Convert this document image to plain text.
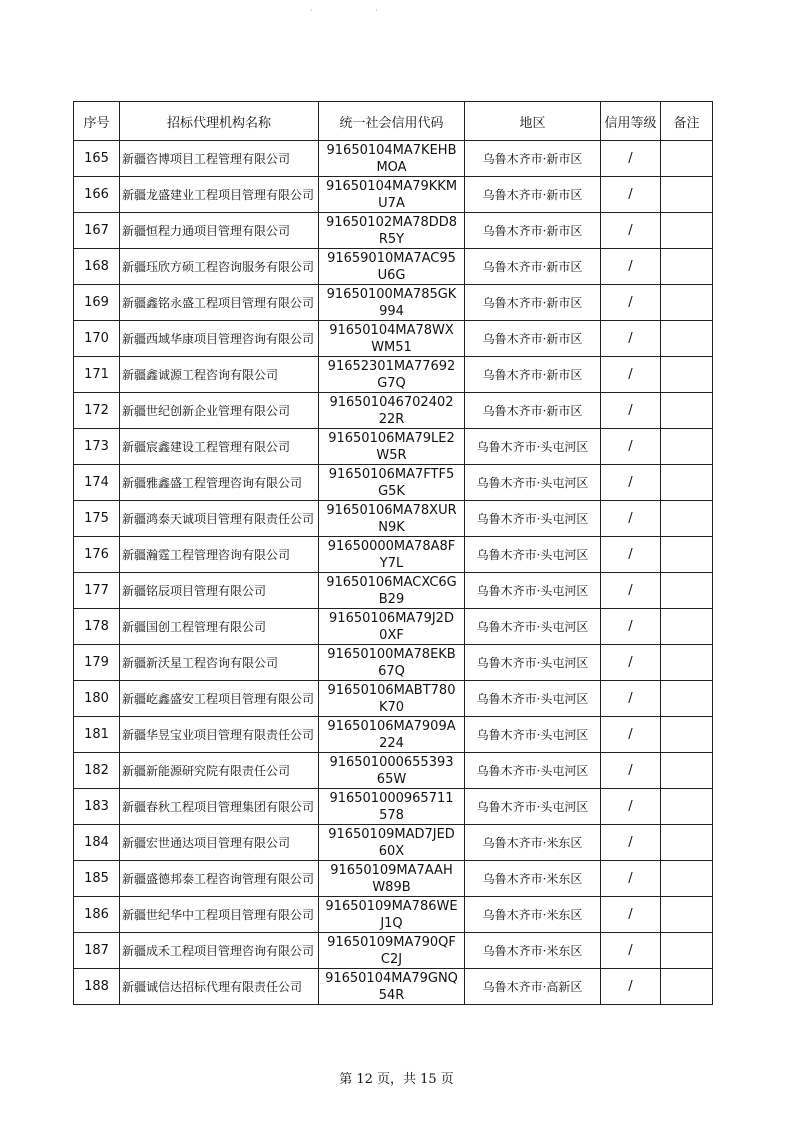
· ·
序号	招标代理机构名称	统一社会信用代码	地区	信用等级	备注
165	新疆咨博项目工程管理有限公司	91650104MA7KEHBMOA	乌鲁木齐市·新市区	/	
166	新疆龙盛建业工程项目管理有限公司	91650104MA79KKMU7A	乌鲁木齐市·新市区	/	
167	新疆恒程力通项目管理有限公司	91650102MA78DD8R5Y	乌鲁木齐市·新市区	/	
168	新疆珏欣方硕工程咨询服务有限公司	91659010MA7AC95U6G	乌鲁木齐市·新市区	/	
169	新疆鑫铭永盛工程项目管理有限公司	91650100MA785GK994	乌鲁木齐市·新市区	/	
170	新疆西域华康项目管理咨询有限公司	91650104MA78WXWM51	乌鲁木齐市·新市区	/	
171	新疆鑫诚源工程咨询有限公司	91652301MA77692G7Q	乌鲁木齐市·新市区	/	
172	新疆世纪创新企业管理有限公司	916501046702402 22R	乌鲁木齐市·新市区	/	
173	新疆宸鑫建设工程管理有限公司	91650106MA79LE2W5R	乌鲁木齐市·头屯河区	/	
174	新疆雅鑫盛工程管理咨询有限公司	91650106MA7FTF5G5K	乌鲁木齐市·头屯河区	/	
175	新疆鸿泰天诚项目管理有限责任公司	91650106MA78XURN9K	乌鲁木齐市·头屯河区	/	
176	新疆瀚霆工程管理咨询有限公司	91650000MA78A8FY7L	乌鲁木齐市·头屯河区	/	
177	新疆铭辰项目管理有限公司	91650106MACXC6GB29	乌鲁木齐市·头屯河区	/	
178	新疆国创工程管理有限公司	91650106MA79J2D0XF	乌鲁木齐市·头屯河区	/	
179	新疆新沃星工程咨询有限公司	91650100MA78EKB67Q	乌鲁木齐市·头屯河区	/	
180	新疆屹鑫盛安工程项目管理有限公司	91650106MABT780K70	乌鲁木齐市·头屯河区	/	
181	新疆华昱宝业项目管理有限责任公司	91650106MA7909A224	乌鲁木齐市·头屯河区	/	
182	新疆新能源研究院有限责任公司	916501000655393 65W	乌鲁木齐市·头屯河区	/	
183	新疆春秋工程项目管理集团有限公司	916501000965711 578	乌鲁木齐市·头屯河区	/	
184	新疆宏世通达项目管理有限公司	91650109MAD7JED60X	乌鲁木齐市·米东区	/	
185	新疆盛德邦泰工程咨询管理有限公司	91650109MA7AAHW89B	乌鲁木齐市·米东区	/	
186	新疆世纪华中工程项目管理有限公司	91650109MA786WEJ1Q	乌鲁木齐市·米东区	/	
187	新疆成禾工程项目管理咨询有限公司	91650109MA790QFC2J	乌鲁木齐市·米东区	/	
188	新疆诚信达招标代理有限责任公司	91650104MA79GNQ54R	乌鲁木齐市·高新区	/	
第 12 页，共 15 页
